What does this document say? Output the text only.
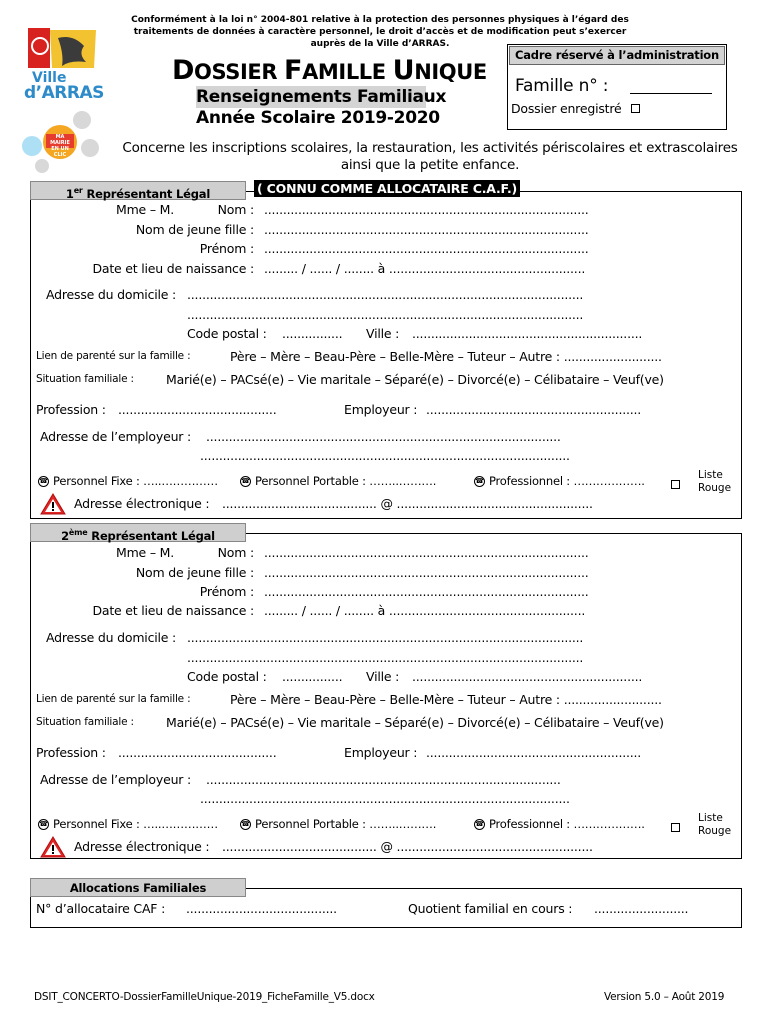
Conformément à la loi n° 2004-801 relative à la protection des personnes physiques à l’égard des traitements de données à caractère personnel, le droit d’accès et de modification peut s’exercer auprès de la Ville d’ARRAS.
Ville
d’ARRAS
MA MAIRIE EN UN CLIC
DOSSIER FAMILLE UNIQUE
Renseignements Familiaux
Année Scolaire 2019-2020
Cadre réservé à l’administration
Famille n° :
Dossier enregistré
Concerne les inscriptions scolaires, la restauration, les activités périscolaires et extrascolaires ainsi que la petite enfance.
1er Représentant Légal	( CONNU COMME ALLOCATAIRE C.A.F.)
Mme – M.	Nom : ......................................................................................
Nom de jeune fille : ......................................................................................
Prénom : ......................................................................................
Date et lieu de naissance : ......... / ...... / ........ à ....................................................
Adresse du domicile : .........................................................................................................
.........................................................................................................
Code postal : ................ Ville : .............................................................
Lien de parenté sur la famille :	Père – Mère – Beau-Père – Belle-Mère – Tuteur – Autre : ..........................
Situation familiale :	Marié(e) – PACsé(e) – Vie maritale – Séparé(e) – Divorcé(e) – Célibataire – Veuf(ve)
Profession : ..........................................	Employeur : .........................................................
Adresse de l’employeur : ..............................................................................................
..................................................................................................
☎ Personnel Fixe : …..……………	☎ Personnel Portable : ……..……….	☎ Professionnel : ……………….	Liste Rouge
Adresse électronique : ......................................... @ ....................................................
2ème Représentant Légal
Mme – M.	Nom : ......................................................................................
Nom de jeune fille : ......................................................................................
Prénom : ......................................................................................
Date et lieu de naissance : ......... / ...... / ........ à ....................................................
Adresse du domicile : .........................................................................................................
.........................................................................................................
Code postal : ................ Ville : .............................................................
Lien de parenté sur la famille :	Père – Mère – Beau-Père – Belle-Mère – Tuteur – Autre : ..........................
Situation familiale :	Marié(e) – PACsé(e) – Vie maritale – Séparé(e) – Divorcé(e) – Célibataire – Veuf(ve)
Profession : ..........................................	Employeur : .........................................................
Adresse de l’employeur : ..............................................................................................
..................................................................................................
☎ Personnel Fixe : …..……………	☎ Personnel Portable : ……..……….	☎ Professionnel : ……………….	Liste Rouge
Adresse électronique : ......................................... @ ....................................................
Allocations Familiales
N° d’allocataire CAF : ........................................	Quotient familial en cours : .........................
DSIT_CONCERTO-DossierFamilleUnique-2019_FicheFamille_V5.docx	Version 5.0 – Août 2019
